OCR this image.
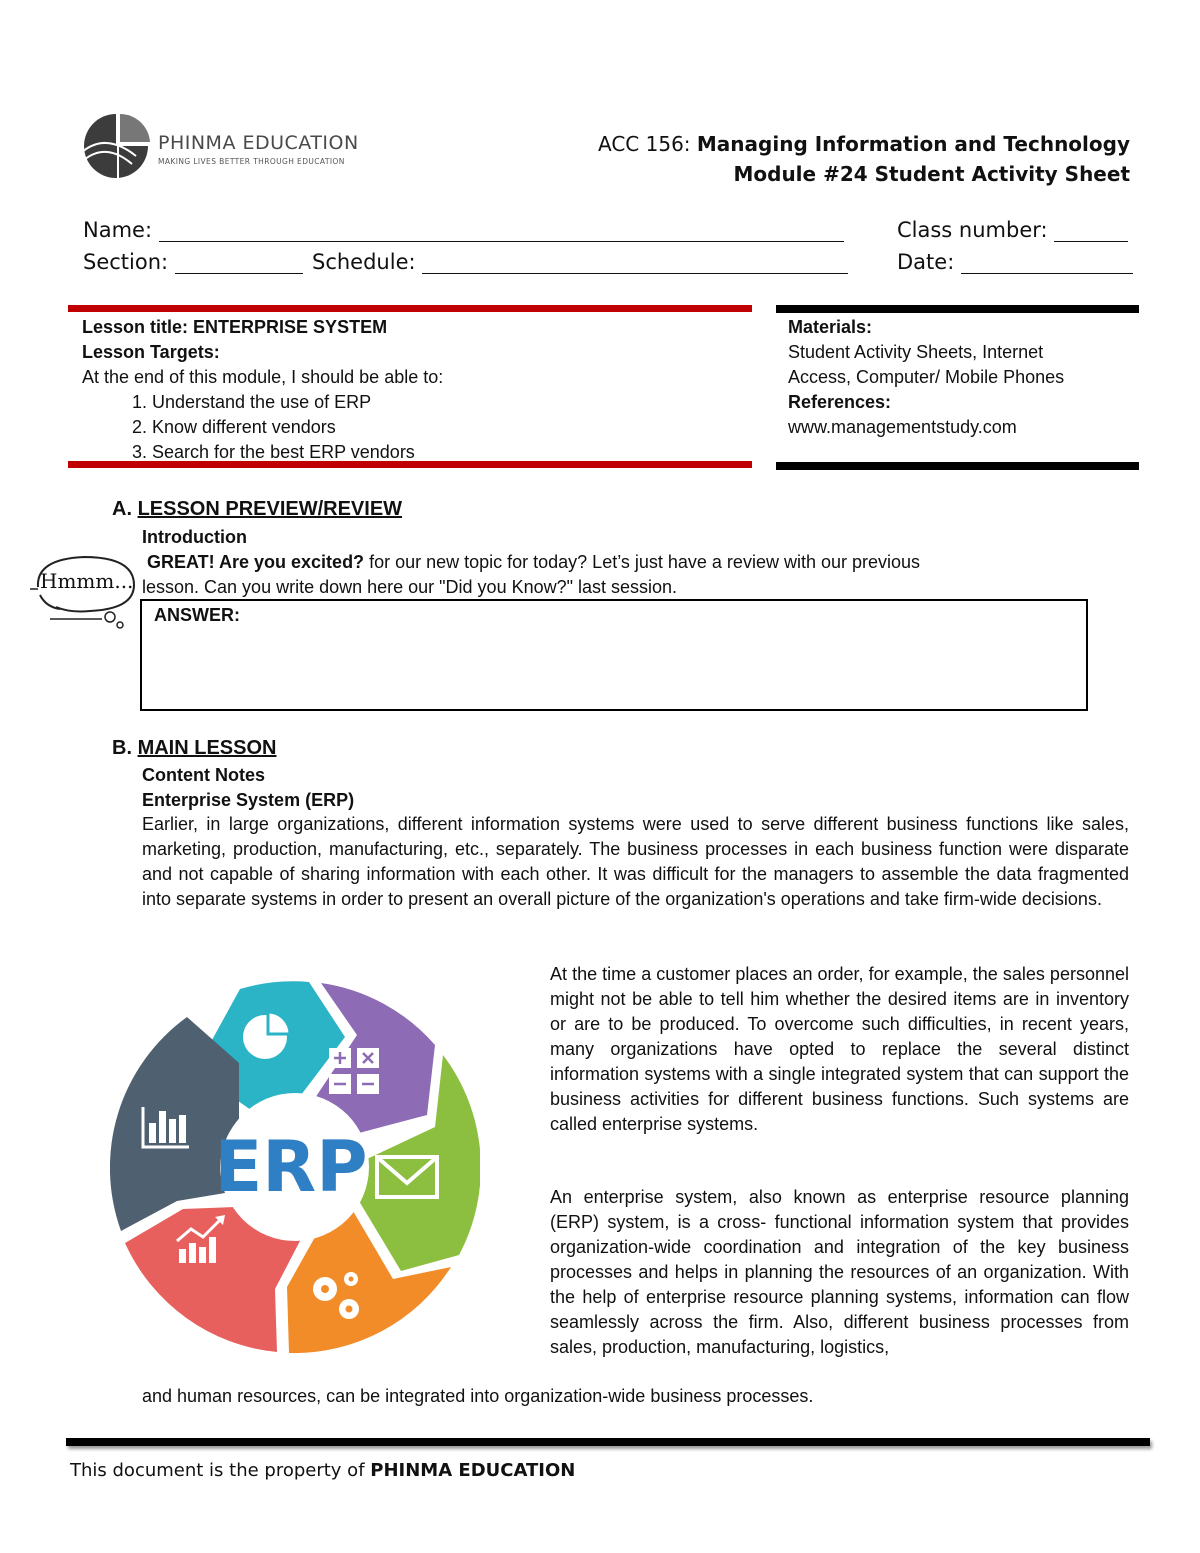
PHINMA EDUCATION
MAKING LIVES BETTER THROUGH EDUCATION
ACC 156: Managing Information and Technology
Module #24 Student Activity Sheet
Name:	Class number:
Section:	Schedule:	Date:
Lesson title: ENTERPRISE SYSTEM
Lesson Targets:
At the end of this module, I should be able to:
1. Understand the use of ERP
2. Know different vendors
3. Search for the best ERP vendors
Materials:
Student Activity Sheets, Internet
Access, Computer/ Mobile Phones
References:
www.managementstudy.com
A. LESSON PREVIEW/REVIEW
Introduction
GREAT! Are you excited? for our new topic for today? Let’s just have a review with our previous
lesson. Can you write down here our "Did you Know?" last session.
Hmmm...
ANSWER:
B. MAIN LESSON
Content Notes
Enterprise System (ERP)
Earlier, in large organizations, different information systems were used to serve different business functions like sales, marketing, production, manufacturing, etc., separately. The business processes in each business function were disparate and not capable of sharing information with each other. It was difficult for the managers to assemble the data fragmented into separate systems in order to present an overall picture of the organization's operations and take firm-wide decisions.
ERP
At the time a customer places an order, for example, the sales personnel might not be able to tell him whether the desired items are in inventory or are to be produced. To overcome such difficulties, in recent years, many organizations have opted to replace the several distinct information systems with a single integrated system that can support the business activities for different business functions. Such systems are called enterprise systems.
An enterprise system, also known as enterprise resource planning (ERP) system, is a cross- functional information system that provides organization-wide coordination and integration of the key business processes and helps in planning the resources of an organization. With the help of enterprise resource planning systems, information can flow seamlessly across the firm. Also, different business processes from sales, production, manufacturing, logistics,
and human resources, can be integrated into organization-wide business processes.
This document is the property of PHINMA EDUCATION
